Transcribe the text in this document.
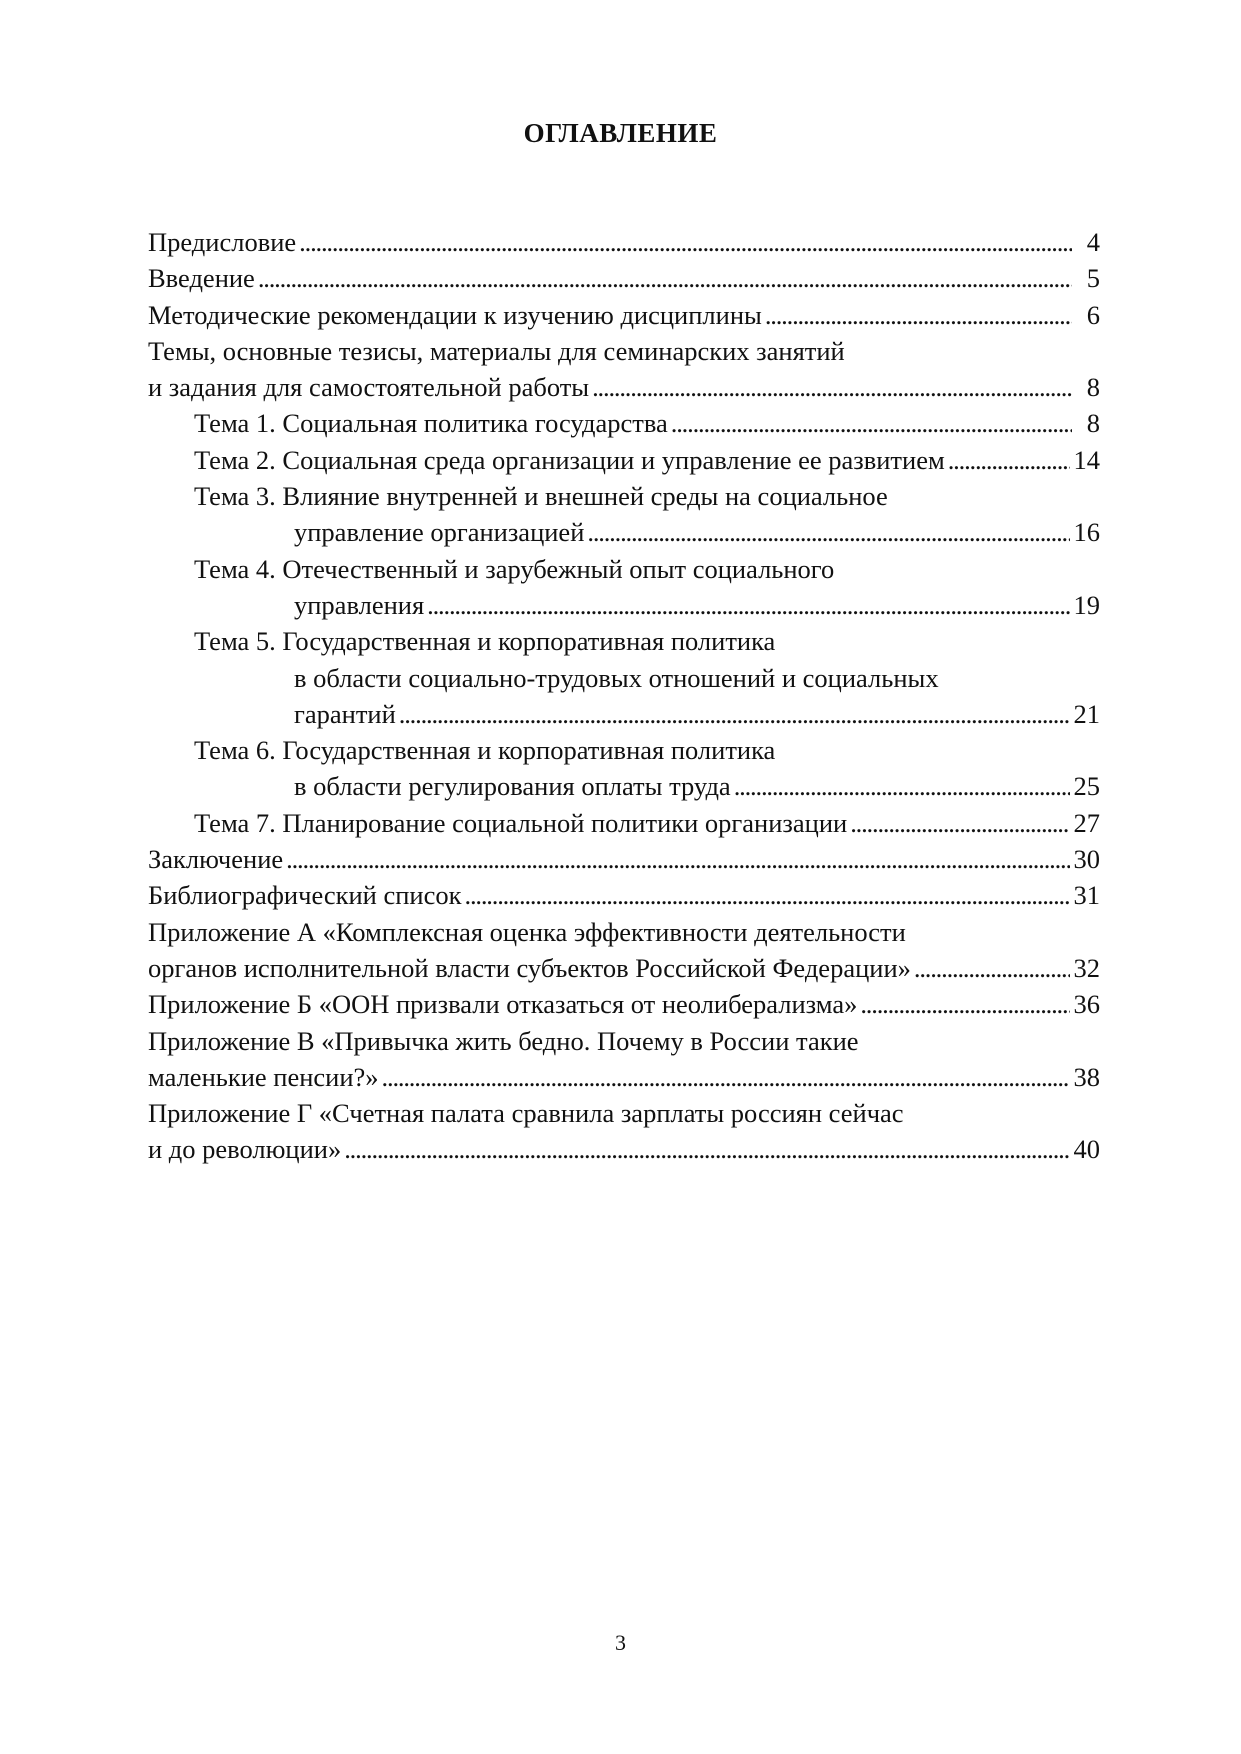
ОГЛАВЛЕНИЕ
Предисловие . . .	4
Введение . . .	5
Методические рекомендации к изучению дисциплины . . .	6
Темы, основные тезисы, материалы для семинарских занятий
и задания для самостоятельной работы . . .	8
Тема 1. Социальная политика государства . . .	8
Тема 2. Социальная среда организации и управление ее развитием . . .	14
Тема 3. Влияние внутренней и внешней среды на социальное
управление организацией . . .	16
Тема 4. Отечественный и зарубежный опыт социального
управления . . .	19
Тема 5. Государственная и корпоративная политика
в области социально-трудовых отношений и социальных
гарантий . . .	21
Тема 6. Государственная и корпоративная политика
в области регулирования оплаты труда . . .	25
Тема 7. Планирование социальной политики организации . . .	27
Заключение . . .	30
Библиографический список . . .	31
Приложение А «Комплексная оценка эффективности деятельности
органов исполнительной власти субъектов Российской Федерации» . . .	32
Приложение Б «ООН призвали отказаться от неолиберализма» . . .	36
Приложение В «Привычка жить бедно. Почему в России такие
маленькие пенсии?» . . .	38
Приложение Г «Счетная палата сравнила зарплаты россиян сейчас
и до революции» . . .	40
3
